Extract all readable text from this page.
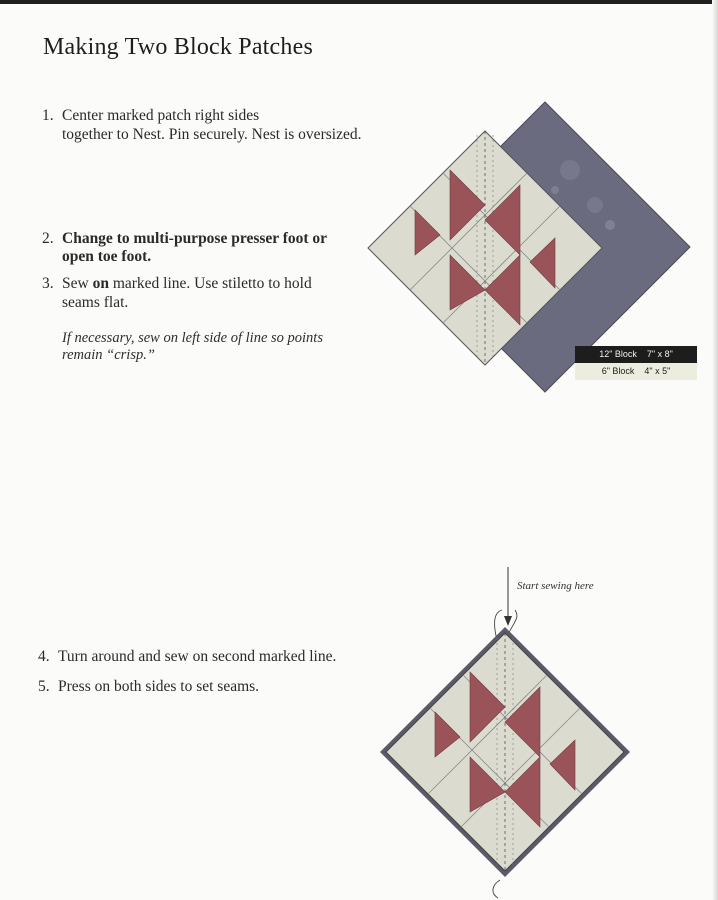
Making Two Block Patches
1. Center marked patch right sides
together to Nest. Pin securely. Nest is oversized.
2. Change to multi-purpose presser foot or
open toe foot.
3. Sew on marked line. Use stiletto to hold
seams flat.
If necessary, sew on left side of line so points
remain “crisp.”
4. Turn around and sew on second marked line.
5. Press on both sides to set seams.
12" Block 7" x 8"
6" Block 4" x 5"
Start sewing here
